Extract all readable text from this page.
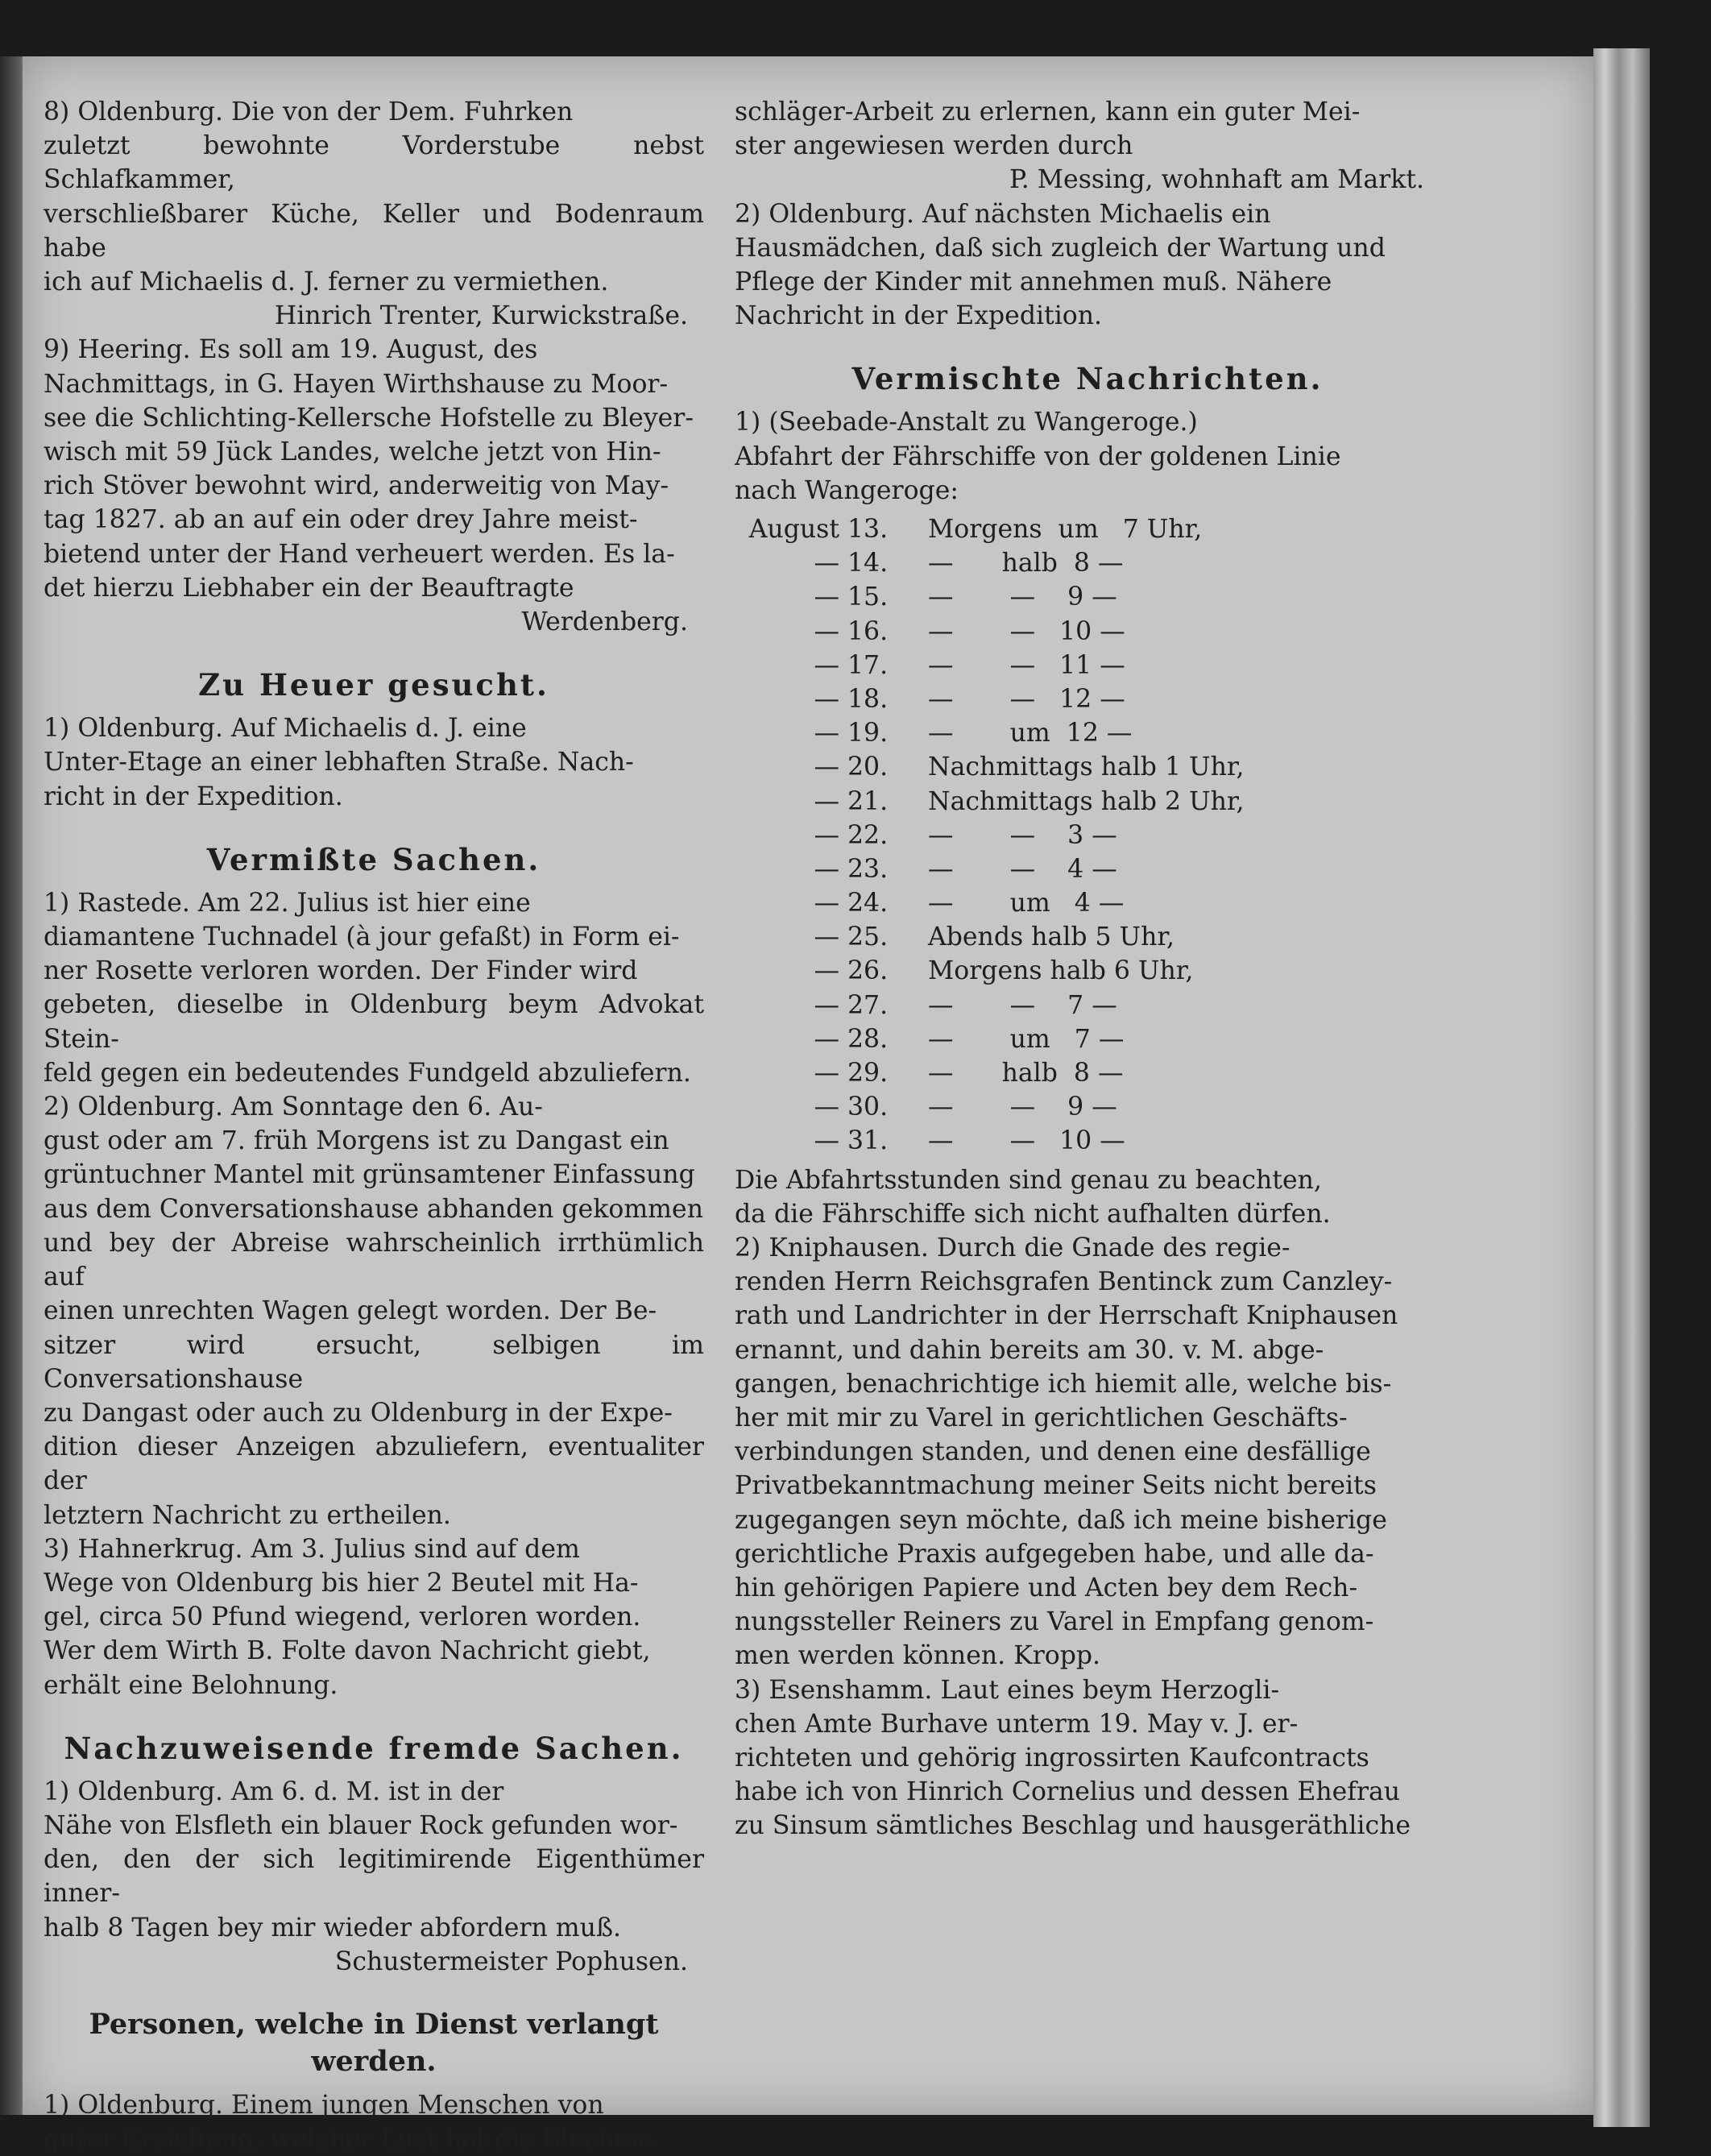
8) Oldenburg. Die von der Dem. Fuhrken
zuletzt bewohnte Vorderstube nebst Schlafkammer,
verschließbarer Küche, Keller und Bodenraum habe
ich auf Michaelis d. J. ferner zu vermiethen.
Hinrich Trenter, Kurwickstraße.
9) Heering. Es soll am 19. August, des
Nachmittags, in G. Hayen Wirthshause zu Moor-
see die Schlichting-Kellersche Hofstelle zu Bleyer-
wisch mit 59 Jück Landes, welche jetzt von Hin-
rich Stöver bewohnt wird, anderweitig von May-
tag 1827. ab an auf ein oder drey Jahre meist-
bietend unter der Hand verheuert werden. Es la-
det hierzu Liebhaber ein der Beauftragte
Werdenberg.
Zu Heuer gesucht.
1) Oldenburg. Auf Michaelis d. J. eine
Unter-Etage an einer lebhaften Straße. Nach-
richt in der Expedition.
Vermißte Sachen.
1) Rastede. Am 22. Julius ist hier eine
diamantene Tuchnadel (à jour gefaßt) in Form ei-
ner Rosette verloren worden. Der Finder wird
gebeten, dieselbe in Oldenburg beym Advokat Stein-
feld gegen ein bedeutendes Fundgeld abzuliefern.
2) Oldenburg. Am Sonntage den 6. Au-
gust oder am 7. früh Morgens ist zu Dangast ein
grüntuchner Mantel mit grünsamtener Einfassung
aus dem Conversationshause abhanden gekommen
und bey der Abreise wahrscheinlich irrthümlich auf
einen unrechten Wagen gelegt worden. Der Be-
sitzer wird ersucht, selbigen im Conversationshause
zu Dangast oder auch zu Oldenburg in der Expe-
dition dieser Anzeigen abzuliefern, eventualiter der
letztern Nachricht zu ertheilen.
3) Hahnerkrug. Am 3. Julius sind auf dem
Wege von Oldenburg bis hier 2 Beutel mit Ha-
gel, circa 50 Pfund wiegend, verloren worden.
Wer dem Wirth B. Folte davon Nachricht giebt,
erhält eine Belohnung.
Nachzuweisende fremde Sachen.
1) Oldenburg. Am 6. d. M. ist in der
Nähe von Elsfleth ein blauer Rock gefunden wor-
den, den der sich legitimirende Eigenthümer inner-
halb 8 Tagen bey mir wieder abfordern muß.
Schustermeister Pophusen.
Personen, welche in Dienst verlangt werden.
1) Oldenburg. Einem jungen Menschen von
guter Erziehung, welcher Lust hat die Blechen-
schläger-Arbeit zu erlernen, kann ein guter Mei-
ster angewiesen werden durch
P. Messing, wohnhaft am Markt.
2) Oldenburg. Auf nächsten Michaelis ein
Hausmädchen, daß sich zugleich der Wartung und
Pflege der Kinder mit annehmen muß. Nähere
Nachricht in der Expedition.
Vermischte Nachrichten.
1) (Seebade-Anstalt zu Wangeroge.)
Abfahrt der Fährschiffe von der goldenen Linie
nach Wangeroge:
August 13.	Morgens  um   7 Uhr,
— 14.	—      halb  8 —
— 15.	—       —    9 —
— 16.	—       —   10 —
— 17.	—       —   11 —
— 18.	—       —   12 —
— 19.	—       um  12 —
— 20.	Nachmittags halb 1 Uhr,
— 21.	Nachmittags halb 2 Uhr,
— 22.	—       —    3 —
— 23.	—       —    4 —
— 24.	—       um   4 —
— 25.	Abends halb 5 Uhr,
— 26.	Morgens halb 6 Uhr,
— 27.	—       —    7 —
— 28.	—       um   7 —
— 29.	—      halb  8 —
— 30.	—       —    9 —
— 31.	—       —   10 —
Die Abfahrtsstunden sind genau zu beachten,
da die Fährschiffe sich nicht aufhalten dürfen.
2) Kniphausen. Durch die Gnade des regie-
renden Herrn Reichsgrafen Bentinck zum Canzley-
rath und Landrichter in der Herrschaft Kniphausen
ernannt, und dahin bereits am 30. v. M. abge-
gangen, benachrichtige ich hiemit alle, welche bis-
her mit mir zu Varel in gerichtlichen Geschäfts-
verbindungen standen, und denen eine desfällige
Privatbekanntmachung meiner Seits nicht bereits
zugegangen seyn möchte, daß ich meine bisherige
gerichtliche Praxis aufgegeben habe, und alle da-
hin gehörigen Papiere und Acten bey dem Rech-
nungssteller Reiners zu Varel in Empfang genom-
men werden können. Kropp.
3) Esenshamm. Laut eines beym Herzogli-
chen Amte Burhave unterm 19. May v. J. er-
richteten und gehörig ingrossirten Kaufcontracts
habe ich von Hinrich Cornelius und dessen Ehefrau
zu Sinsum sämtliches Beschlag und hausgeräthliche
